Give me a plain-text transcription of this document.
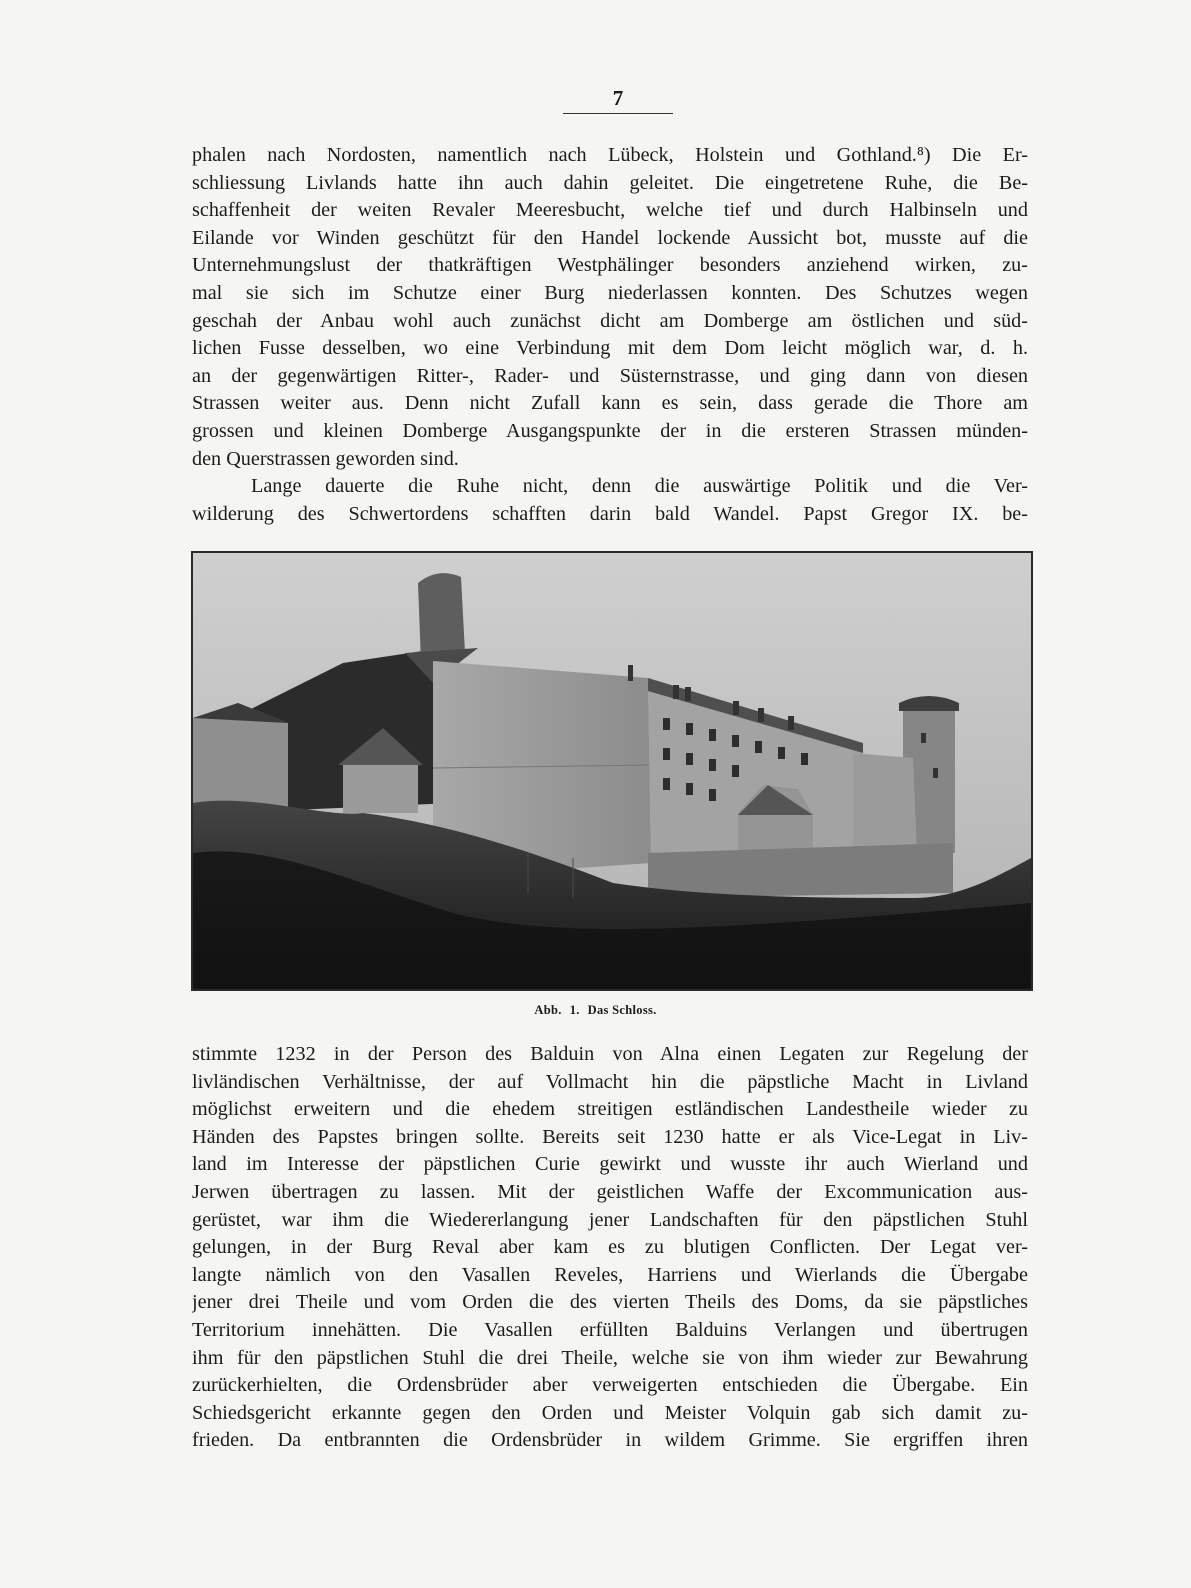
7
phalen nach Nordosten, namentlich nach Lübeck, Holstein und Gothland.⁸) Die Er-
schliessung Livlands hatte ihn auch dahin geleitet. Die eingetretene Ruhe, die Be-
schaffenheit der weiten Revaler Meeresbucht, welche tief und durch Halbinseln und
Eilande vor Winden geschützt für den Handel lockende Aussicht bot, musste auf die
Unternehmungslust der thatkräftigen Westphälinger besonders anziehend wirken, zu-
mal sie sich im Schutze einer Burg niederlassen konnten. Des Schutzes wegen
geschah der Anbau wohl auch zunächst dicht am Domberge am östlichen und süd-
lichen Fusse desselben, wo eine Verbindung mit dem Dom leicht möglich war, d. h.
an der gegenwärtigen Ritter-, Rader- und Süsternstrasse, und ging dann von diesen
Strassen weiter aus. Denn nicht Zufall kann es sein, dass gerade die Thore am
grossen und kleinen Domberge Ausgangspunkte der in die ersteren Strassen münden-
den Querstrassen geworden sind.
Lange dauerte die Ruhe nicht, denn die auswärtige Politik und die Ver-
wilderung des Schwertordens schafften darin bald Wandel. Papst Gregor IX. be-
Abb. 1. Das Schloss.
stimmte 1232 in der Person des Balduin von Alna einen Legaten zur Regelung der
livländischen Verhältnisse, der auf Vollmacht hin die päpstliche Macht in Livland
möglichst erweitern und die ehedem streitigen estländischen Landestheile wieder zu
Händen des Papstes bringen sollte. Bereits seit 1230 hatte er als Vice-Legat in Liv-
land im Interesse der päpstlichen Curie gewirkt und wusste ihr auch Wierland und
Jerwen übertragen zu lassen. Mit der geistlichen Waffe der Excommunication aus-
gerüstet, war ihm die Wiedererlangung jener Landschaften für den päpstlichen Stuhl
gelungen, in der Burg Reval aber kam es zu blutigen Conflicten. Der Legat ver-
langte nämlich von den Vasallen Reveles, Harriens und Wierlands die Übergabe
jener drei Theile und vom Orden die des vierten Theils des Doms, da sie päpstliches
Territorium innehätten. Die Vasallen erfüllten Balduins Verlangen und übertrugen
ihm für den päpstlichen Stuhl die drei Theile, welche sie von ihm wieder zur Bewahrung
zurückerhielten, die Ordensbrüder aber verweigerten entschieden die Übergabe. Ein
Schiedsgericht erkannte gegen den Orden und Meister Volquin gab sich damit zu-
frieden. Da entbrannten die Ordensbrüder in wildem Grimme. Sie ergriffen ihren
